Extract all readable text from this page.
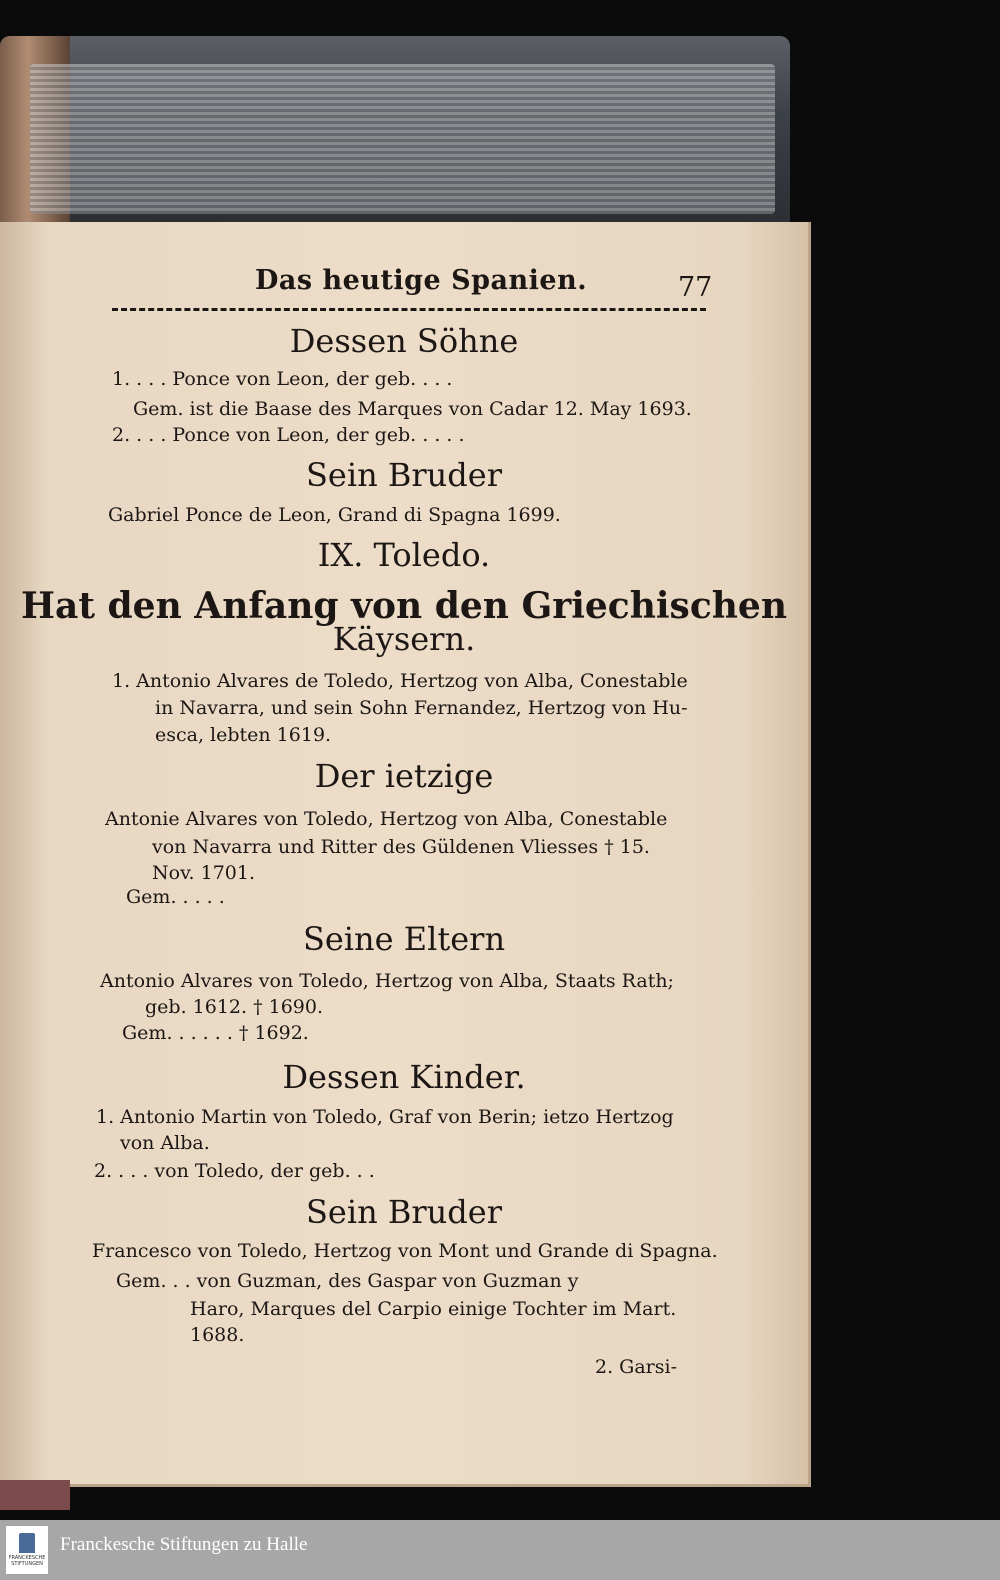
Das heutige Spanien.	77
Dessen Söhne
1. . . . Ponce von Leon, der geb. . . .
Gem. ist die Baase des Marques von Cadar 12. May 1693.
2. . . . Ponce von Leon, der geb. . . . .
Sein Bruder
Gabriel Ponce de Leon, Grand di Spagna 1699.
IX. Toledo.
Hat den Anfang von den Griechischen
Käysern.
1. Antonio Alvares de Toledo, Hertzog von Alba, Conestable
in Navarra, und sein Sohn Fernandez, Hertzog von Hu-
esca, lebten 1619.
Der ietzige
Antonie Alvares von Toledo, Hertzog von Alba, Conestable
von Navarra und Ritter des Güldenen Vliesses † 15.
Nov. 1701.
Gem. . . . .
Seine Eltern
Antonio Alvares von Toledo, Hertzog von Alba, Staats Rath;
geb. 1612. † 1690.
Gem. . . . . . † 1692.
Dessen Kinder.
1. Antonio Martin von Toledo, Graf von Berin; ietzo Hertzog
von Alba.
2. . . . von Toledo, der geb. . .
Sein Bruder
Francesco von Toledo, Hertzog von Mont und Grande di Spagna.
Gem. . . von Guzman, des Gaspar von Guzman y
Haro, Marques del Carpio einige Tochter im Mart.
1688.
2. Garsi-
FRANCKESCHE STIFTUNGEN
Franckesche Stiftungen zu Halle
